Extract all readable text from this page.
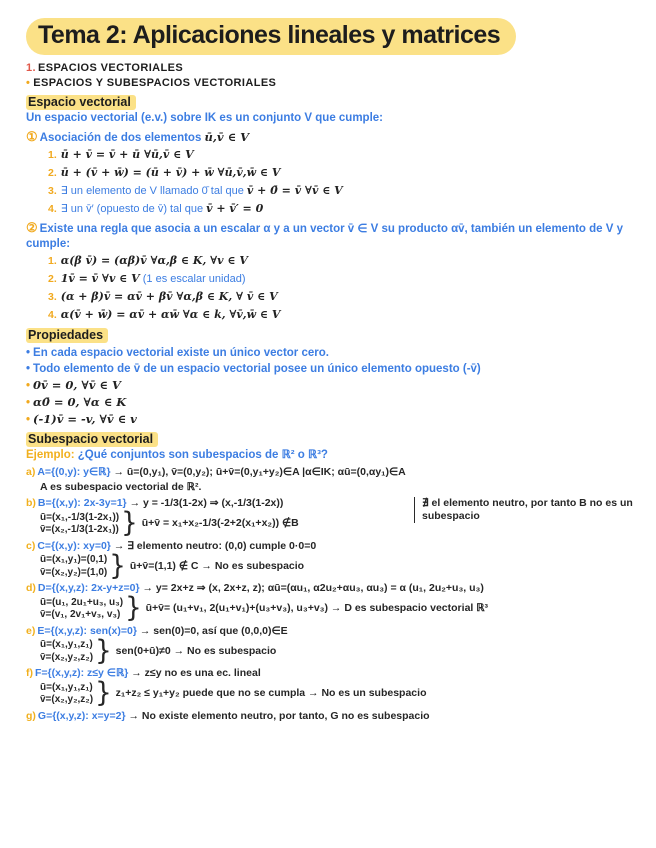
Tema 2: Aplicaciones lineales y matrices
1. ESPACIOS VECTORIALES
• ESPACIOS Y SUBESPACIOS VECTORIALES
Espacio vectorial
Un espacio vectorial (e.v.) sobre IK es un conjunto V que cumple:
① Asociación de dos elementos ū,v̄ ∈ V
1. ū + v̄ = v̄ + ū ∀ū,v̄ ∈ V
2. ū + (v̄ + w̄) = (ū + v̄) + w̄ ∀ū,v̄,w̄ ∈ V
3. ∃ un elemento de V llamado 0̄ tal que v̄ + 0̄ = v̄ ∀v̄ ∈ V
4. ∃ un v̄′ (opuesto de v̄) tal que v̄ + v̄′ = 0
② Existe una regla que asocia a un escalar α y a un vector v̄ ∈ V su producto αv̄, también un elemento de V y cumple:
1. α(β v̄) = (αβ)v̄ ∀α,β ∈ K, ∀v ∈ V
2. 1v̄ = v̄ ∀v ∈ V (1 es escalar unidad)
3. (α + β)v̄ = αv̄ + βv̄ ∀α,β ∈ K, ∀ v̄ ∈ V
4. α(v̄ + w̄) = αv̄ + αw̄ ∀α ∈ k, ∀v̄,w̄ ∈ V
Propiedades
• En cada espacio vectorial existe un único vector cero.
• Todo elemento de v̄ de un espacio vectorial posee un único elemento opuesto (-v̄)
• 0v̄ = 0, ∀v̄ ∈ V
• α0̄ = 0, ∀α ∈ K
• (-1)v̄ = -v, ∀v̄ ∈ v
Subespacio vectorial
Ejemplo: ¿Qué conjuntos son subespacios de ℝ² o ℝ³?
a) A={(0,y): y∈ℝ} → ū=(0,y₁), v̄=(0,y₂); ū+v̄=(0,y₁+y₂)∈A |α∈IK; αū=(0,αy₁)∈A
A es subespacio vectorial de ℝ².
b) B={(x,y): 2x-3y=1} → y = -1/3(1-2x) ⇒ (x,-1/3(1-2x))
ū=(x₁,-1/3(1-2x₁))
v̄=(x₂,-1/3(1-2x₁)) } ū+v̄ = x₁+x₂-1/3(-2+2(x₁+x₂)) ∉B
∄ el elemento neutro, por tanto B no es un subespacio
c) C={(x,y): xy=0} → ∃ elemento neutro: (0,0) cumple 0·0=0
ū=(x₁,y₁)=(0,1)
v̄=(x₂,y₂)=(1,0) } ū+v̄=(1,1) ∉ C → No es subespacio
d) D={(x,y,z): 2x-y+z=0} → y= 2x+z ⇒ (x, 2x+z, z); αū=(αu₁, α2u₂+αu₃, αu₃) = α (u₁, 2u₂+u₃, u₃)
ū=(u₁, 2u₁+u₃, u₃)
v̄=(v₁, 2v₁+v₃, v₃) } ū+v̄= (u₁+v₁, 2(u₁+v₁)+(u₃+v₃), u₃+v₃) → D es subespacio vectorial ℝ³
e) E={(x,y,z): sen(x)=0} → sen(0)=0, así que (0,0,0)∈E
ū=(x₁,y₁,z₁)
v̄=(x₂,y₂,z₂) } sen(0+ū)≠0 → No es subespacio
f) F={(x,y,z): z≤y ∈ℝ} → z≤y no es una ec. lineal
ū=(x₁,y₁,z₁)
v̄=(x₂,y₂,z₂) } z₁+z₂ ≤ y₁+y₂ puede que no se cumpla → No es un subespacio
g) G={(x,y,z): x=y=2} → No existe elemento neutro, por tanto, G no es subespacio
